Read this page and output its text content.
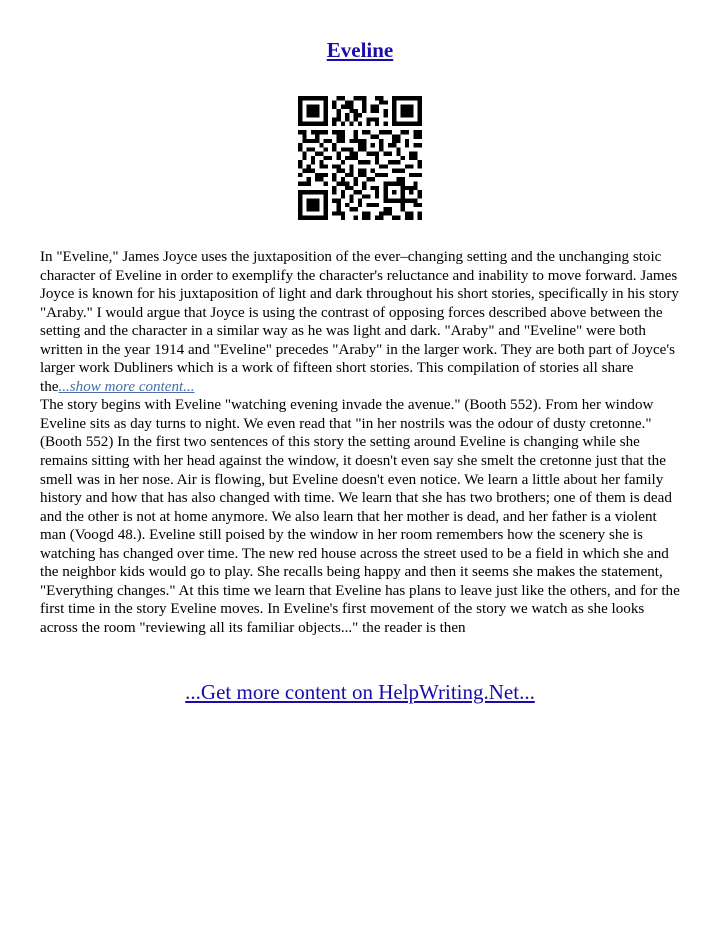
Eveline

In "Eveline," James Joyce uses the juxtaposition of the ever–changing setting and the unchanging stoic character of Eveline in order to exemplify the character's reluctance and inability to move forward. James Joyce is known for his juxtaposition of light and dark throughout his short stories, specifically in his story "Araby." I would argue that Joyce is using the contrast of opposing forces described above between the setting and the character in a similar way as he was light and dark. "Araby" and "Eveline" were both written in the year 1914 and "Eveline" precedes "Araby" in the larger work. They are both part of Joyce's larger work Dubliners which is a work of fifteen short stories. This compilation of stories all share the...show more content...

The story begins with Eveline "watching evening invade the avenue." (Booth 552). From her window Eveline sits as day turns to night. We even read that "in her nostrils was the odour of dusty cretonne." (Booth 552) In the first two sentences of this story the setting around Eveline is changing while she remains sitting with her head against the window, it doesn't even say she smelt the cretonne just that the smell was in her nose. Air is flowing, but Eveline doesn't even notice. We learn a little about her family history and how that has also changed with time. We learn that she has two brothers; one of them is dead and the other is not at home anymore. We also learn that her mother is dead, and her father is a violent man (Voogd 48.). Eveline still poised by the window in her room remembers how the scenery she is watching has changed over time. The new red house across the street used to be a field in which she and the neighbor kids would go to play. She recalls being happy and then it seems she makes the statement, "Everything changes." At this time we learn that Eveline has plans to leave just like the others, and for the first time in the story Eveline moves. In Eveline's first movement of the story we watch as she looks across the room "reviewing all its familiar objects..." the reader is then

...Get more content on HelpWriting.Net...
